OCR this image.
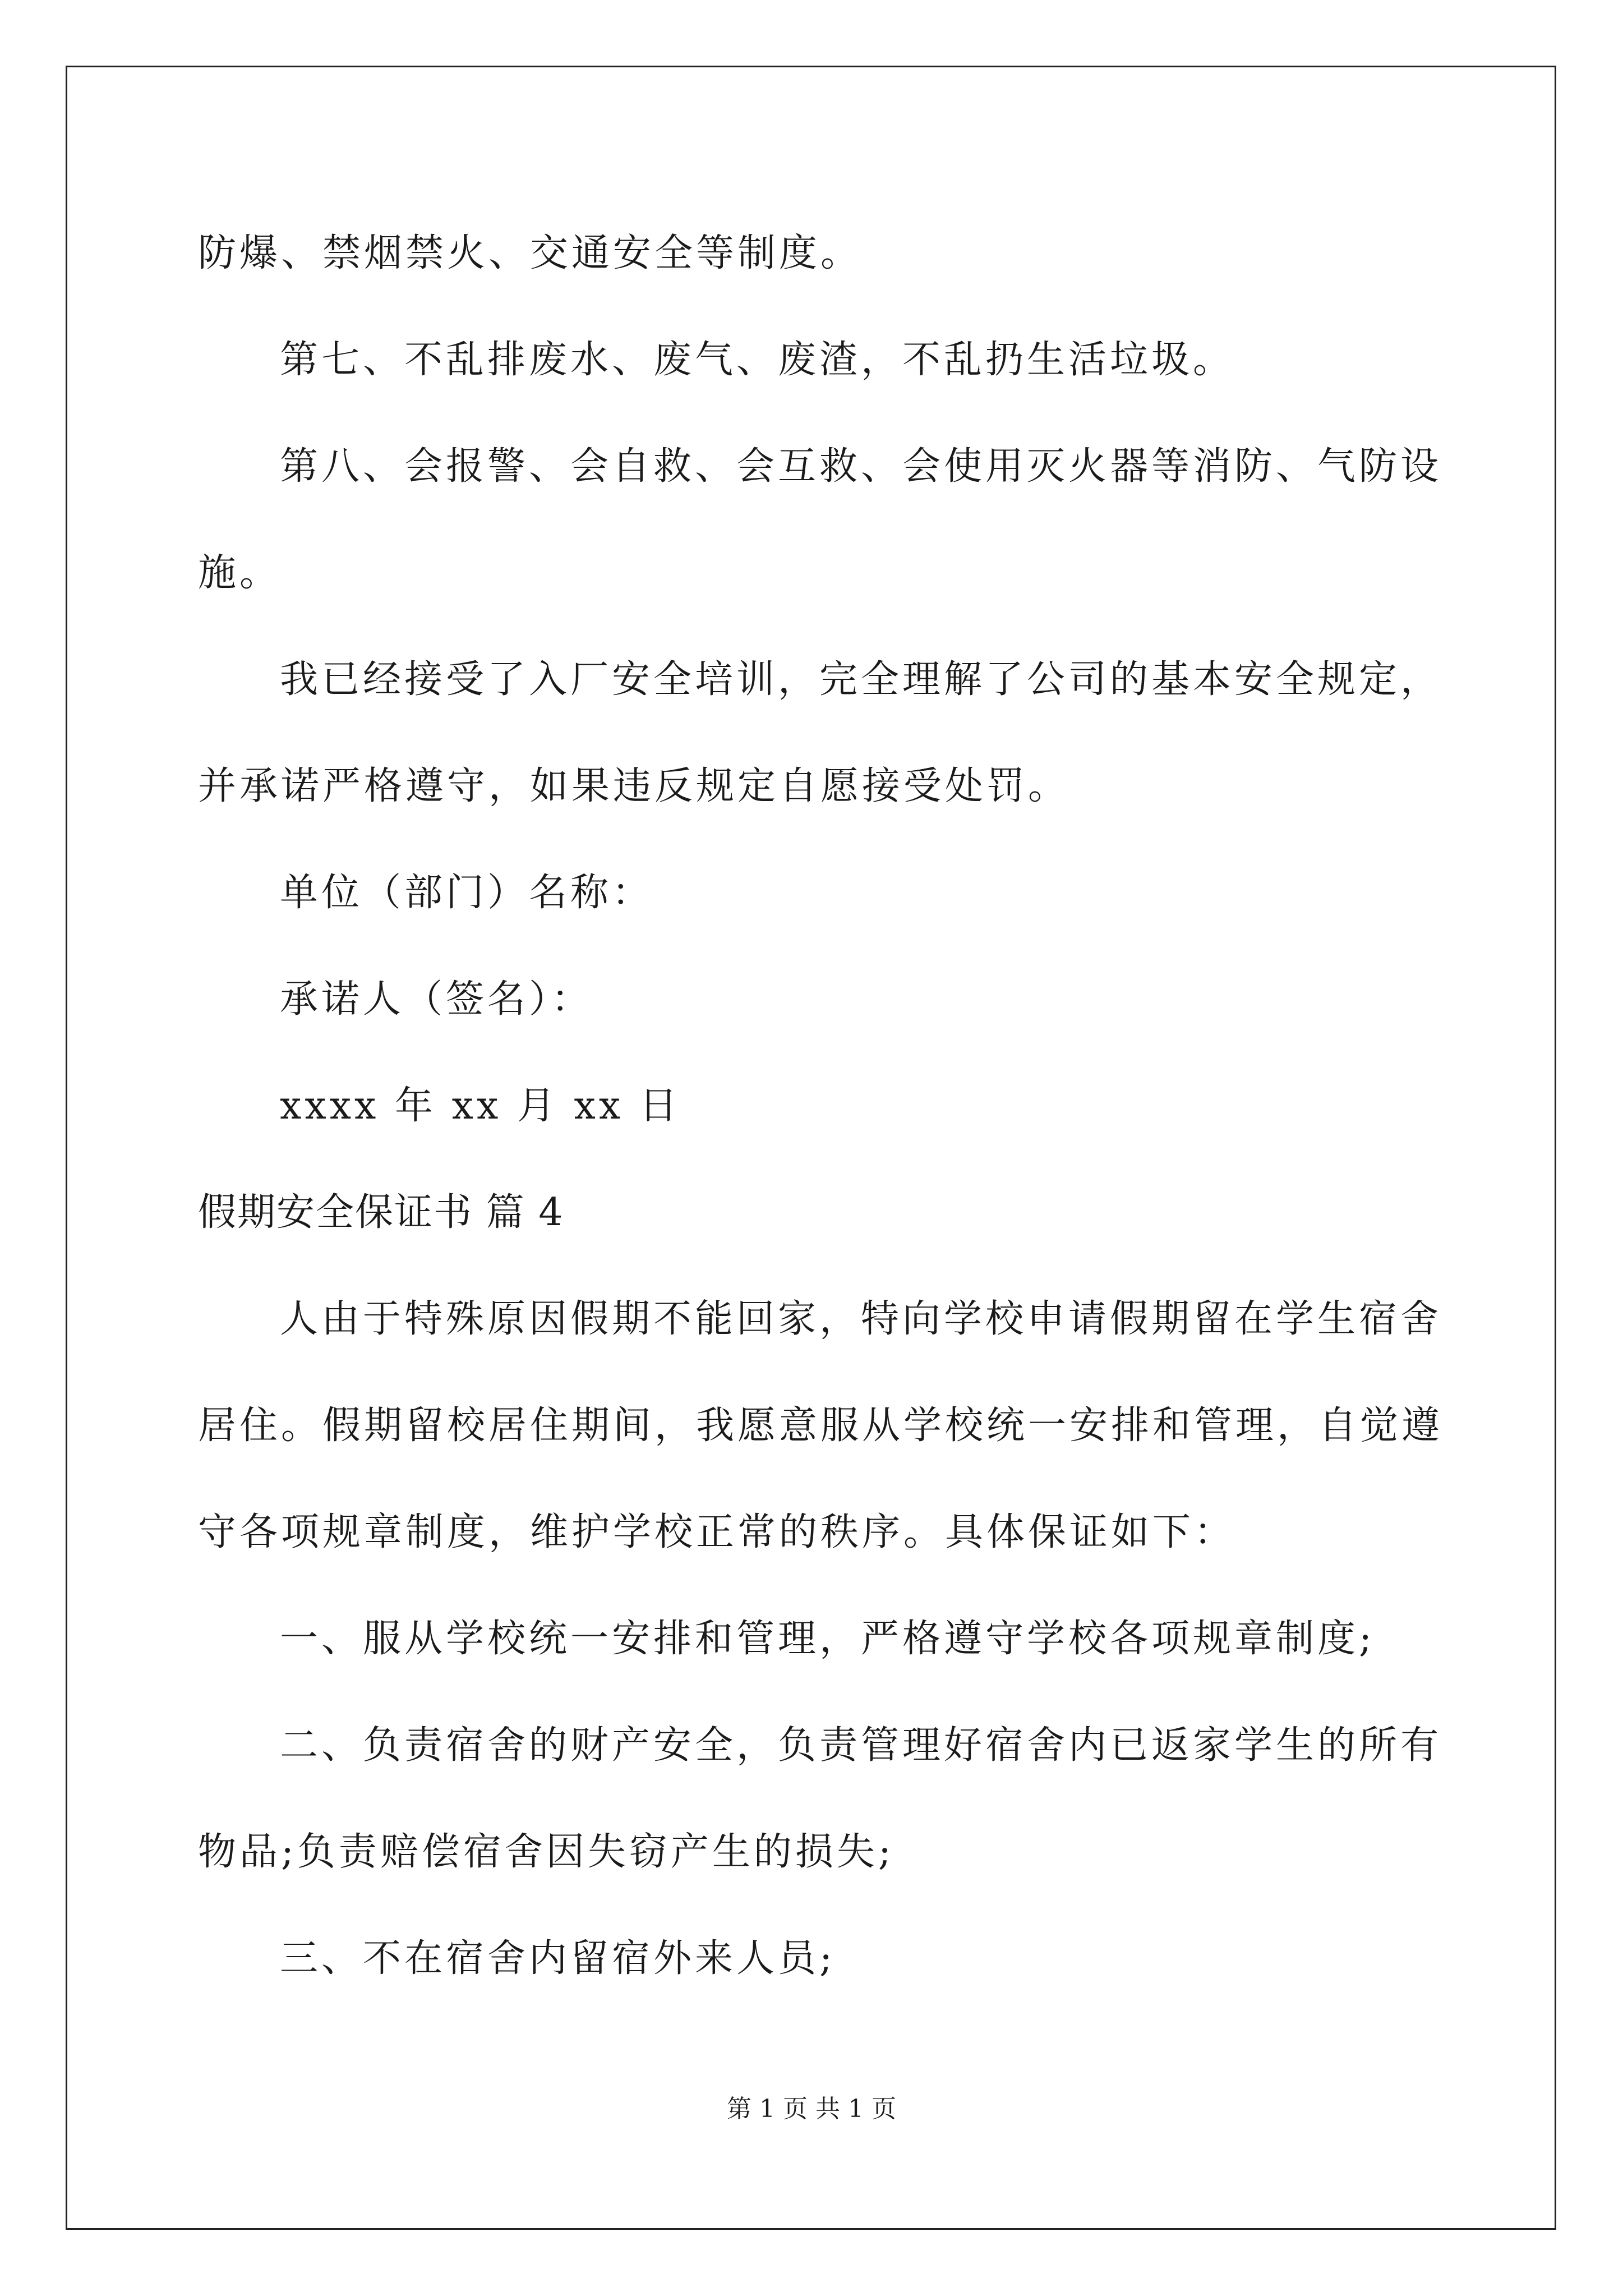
防爆、禁烟禁火、交通安全等制度。
第七、不乱排废水、废气、废渣，不乱扔生活垃圾。
第八、会报警、会自救、会互救、会使用灭火器等消防、气防设
施。
我已经接受了入厂安全培训，完全理解了公司的基本安全规定，
并承诺严格遵守，如果违反规定自愿接受处罚。
单位（部门）名称：
承诺人（签名）：
xxxx 年 xx 月 xx 日
假期安全保证书 篇 4
人由于特殊原因假期不能回家，特向学校申请假期留在学生宿舍
居住。假期留校居住期间，我愿意服从学校统一安排和管理，自觉遵
守各项规章制度，维护学校正常的秩序。具体保证如下：
一、服从学校统一安排和管理，严格遵守学校各项规章制度;
二、负责宿舍的财产安全，负责管理好宿舍内已返家学生的所有
物品;负责赔偿宿舍因失窃产生的损失;
三、不在宿舍内留宿外来人员;
第 1 页 共 1 页
